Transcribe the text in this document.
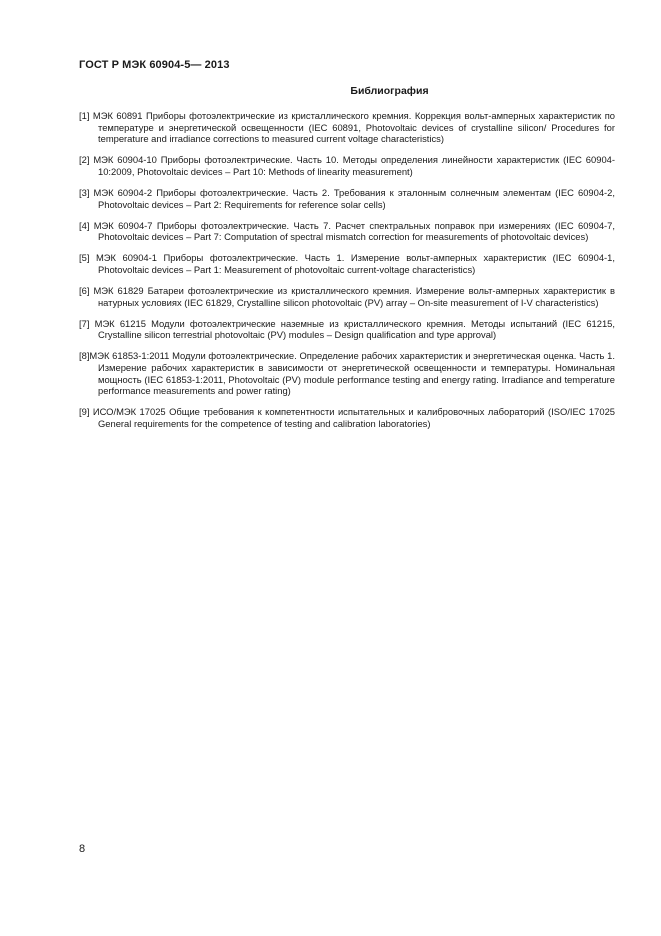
ГОСТ Р МЭК 60904-5— 2013
Библиография
[1] МЭК 60891 Приборы фотоэлектрические из кристаллического кремния. Коррекция вольт-амперных характеристик по температуре и энергетической освещенности (IEC 60891, Photovoltaic devices of crystalline silicon/ Procedures for temperature and irradiance corrections to measured current voltage characteristics)
[2] МЭК 60904-10 Приборы фотоэлектрические. Часть 10. Методы определения линейности характеристик (IEC 60904-10:2009, Photovoltaic devices – Part 10: Methods of linearity measurement)
[3] МЭК 60904-2 Приборы фотоэлектрические. Часть 2. Требования к эталонным солнечным элементам (IEC 60904-2, Photovoltaic devices – Part 2: Requirements for reference solar cells)
[4] МЭК 60904-7 Приборы фотоэлектрические. Часть 7. Расчет спектральных поправок при измерениях (IEC 60904-7, Photovoltaic devices – Part 7: Computation of spectral mismatch correction for measurements of photovoltaic devices)
[5] МЭК 60904-1 Приборы фотоэлектрические. Часть 1. Измерение вольт-амперных характеристик (IEC 60904-1, Photovoltaic devices – Part 1: Measurement of photovoltaic current-voltage characteristics)
[6] МЭК 61829 Батареи фотоэлектрические из кристаллического кремния. Измерение вольт-амперных характеристик в натурных условиях (IEC 61829, Crystalline silicon photovoltaic (PV) array – On-site measurement of I-V characteristics)
[7] МЭК 61215 Модули фотоэлектрические наземные из кристаллического кремния. Методы испытаний (IEC 61215, Crystalline silicon terrestrial photovoltaic (PV) modules – Design qualification and type approval)
[8]МЭК 61853-1:2011 Модули фотоэлектрические. Определение рабочих характеристик и энергетическая оценка. Часть 1. Измерение рабочих характеристик в зависимости от энергетической освещенности и температуры. Номинальная мощность (IEC 61853-1:2011, Photovoltaic (PV) module performance testing and energy rating. Irradiance and temperature performance measurements and power rating)
[9] ИСО/МЭК 17025 Общие требования к компетентности испытательных и калибровочных лабораторий (ISO/IEC 17025 General requirements for the competence of testing and calibration laboratories)
8
